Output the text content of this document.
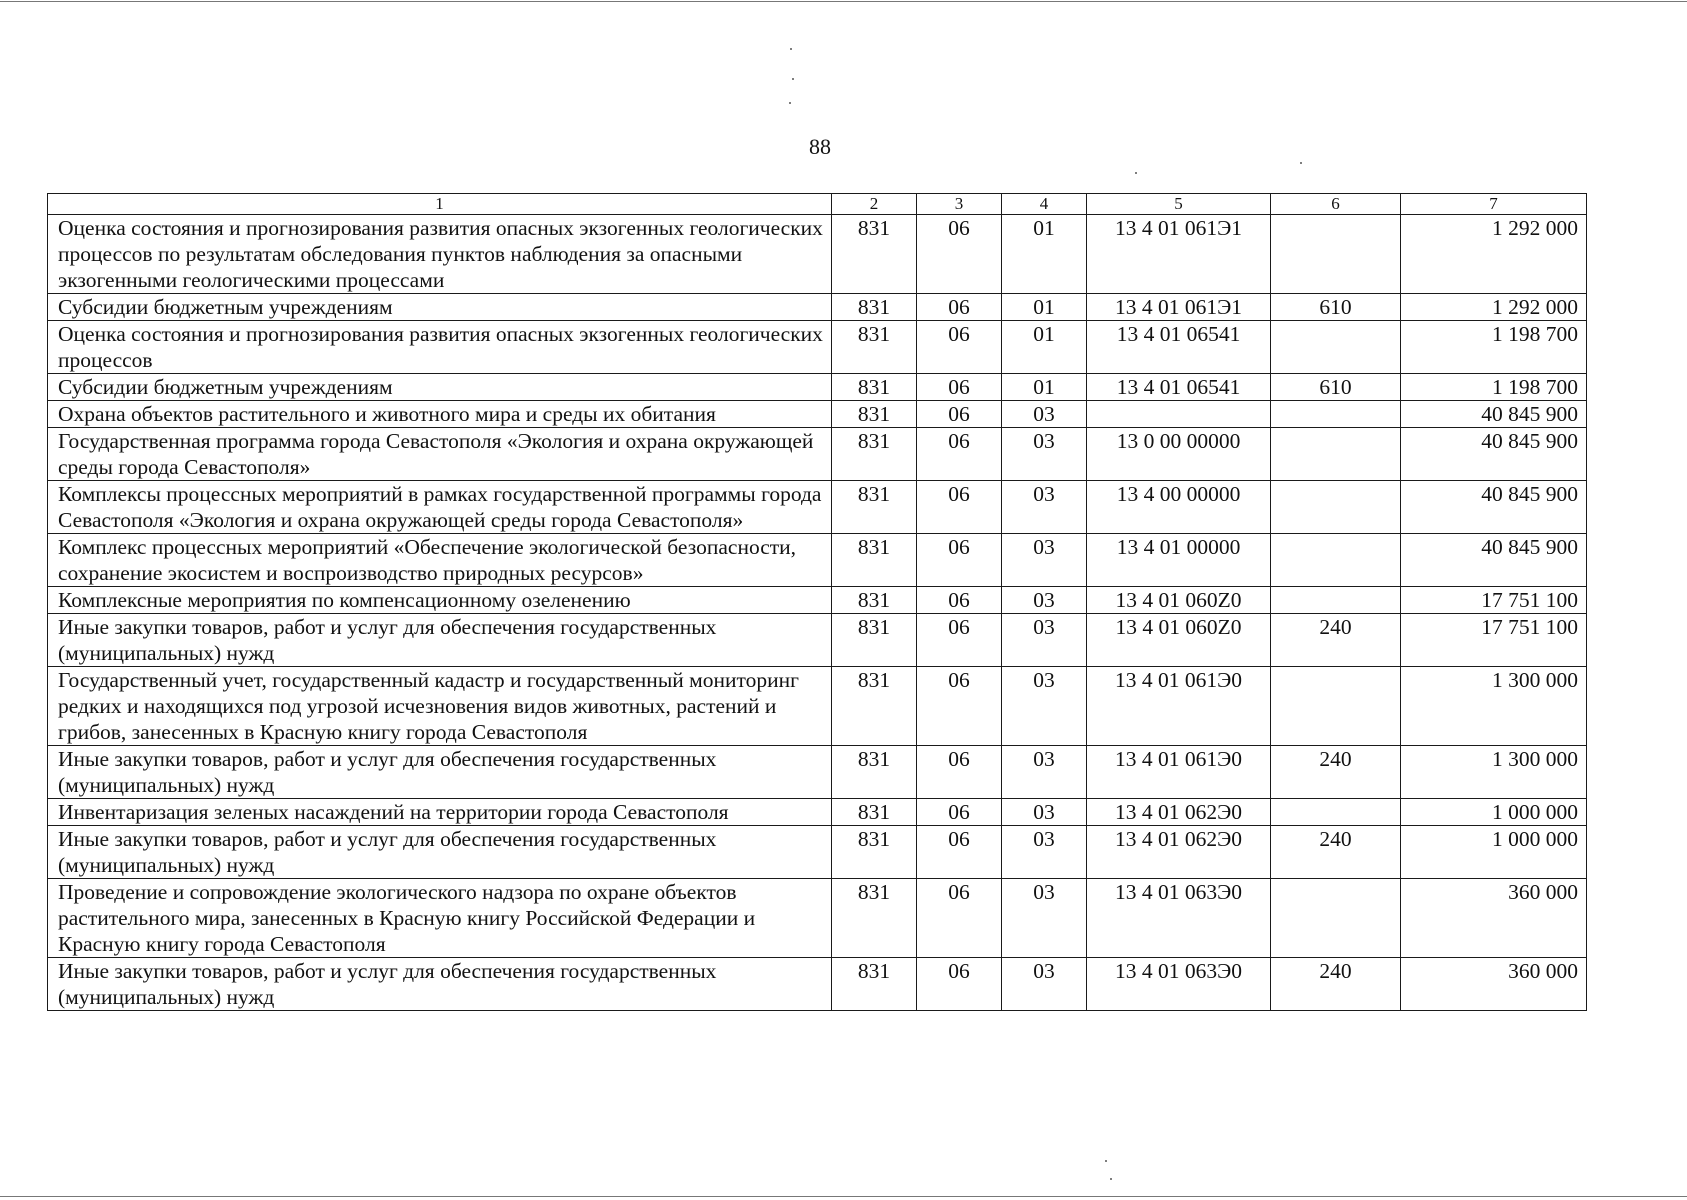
88
1	2	3	4	5	6	7
Оценка состояния и прогнозирования развития опасных экзогенных геологических процессов по результатам обследования пунктов наблюдения за опасными экзогенными геологическими процессами	831	06	01	13 4 01 061Э1		1 292 000
Субсидии бюджетным учреждениям	831	06	01	13 4 01 061Э1	610	1 292 000
Оценка состояния и прогнозирования развития опасных экзогенных геологических процессов	831	06	01	13 4 01 06541		1 198 700
Субсидии бюджетным учреждениям	831	06	01	13 4 01 06541	610	1 198 700
Охрана объектов растительного и животного мира и среды их обитания	831	06	03			40 845 900
Государственная программа города Севастополя «Экология и охрана окружающей среды города Севастополя»	831	06	03	13 0 00 00000		40 845 900
Комплексы процессных мероприятий в рамках государственной программы города Севастополя «Экология и охрана окружающей среды города Севастополя»	831	06	03	13 4 00 00000		40 845 900
Комплекс процессных мероприятий «Обеспечение экологической безопасности, сохранение экосистем и воспроизводство природных ресурсов»	831	06	03	13 4 01 00000		40 845 900
Комплексные мероприятия по компенсационному озеленению	831	06	03	13 4 01 060Z0		17 751 100
Иные закупки товаров, работ и услуг для обеспечения государственных (муниципальных) нужд	831	06	03	13 4 01 060Z0	240	17 751 100
Государственный учет, государственный кадастр и государственный мониторинг редких и находящихся под угрозой исчезновения видов животных, растений и грибов, занесенных в Красную книгу города Севастополя	831	06	03	13 4 01 061Э0		1 300 000
Иные закупки товаров, работ и услуг для обеспечения государственных (муниципальных) нужд	831	06	03	13 4 01 061Э0	240	1 300 000
Инвентаризация зеленых насаждений на территории города Севастополя	831	06	03	13 4 01 062Э0		1 000 000
Иные закупки товаров, работ и услуг для обеспечения государственных (муниципальных) нужд	831	06	03	13 4 01 062Э0	240	1 000 000
Проведение и сопровождение экологического надзора по охране объектов растительного мира, занесенных в Красную книгу Российской Федерации и Красную книгу города Севастополя	831	06	03	13 4 01 063Э0		360 000
Иные закупки товаров, работ и услуг для обеспечения государственных (муниципальных) нужд	831	06	03	13 4 01 063Э0	240	360 000
